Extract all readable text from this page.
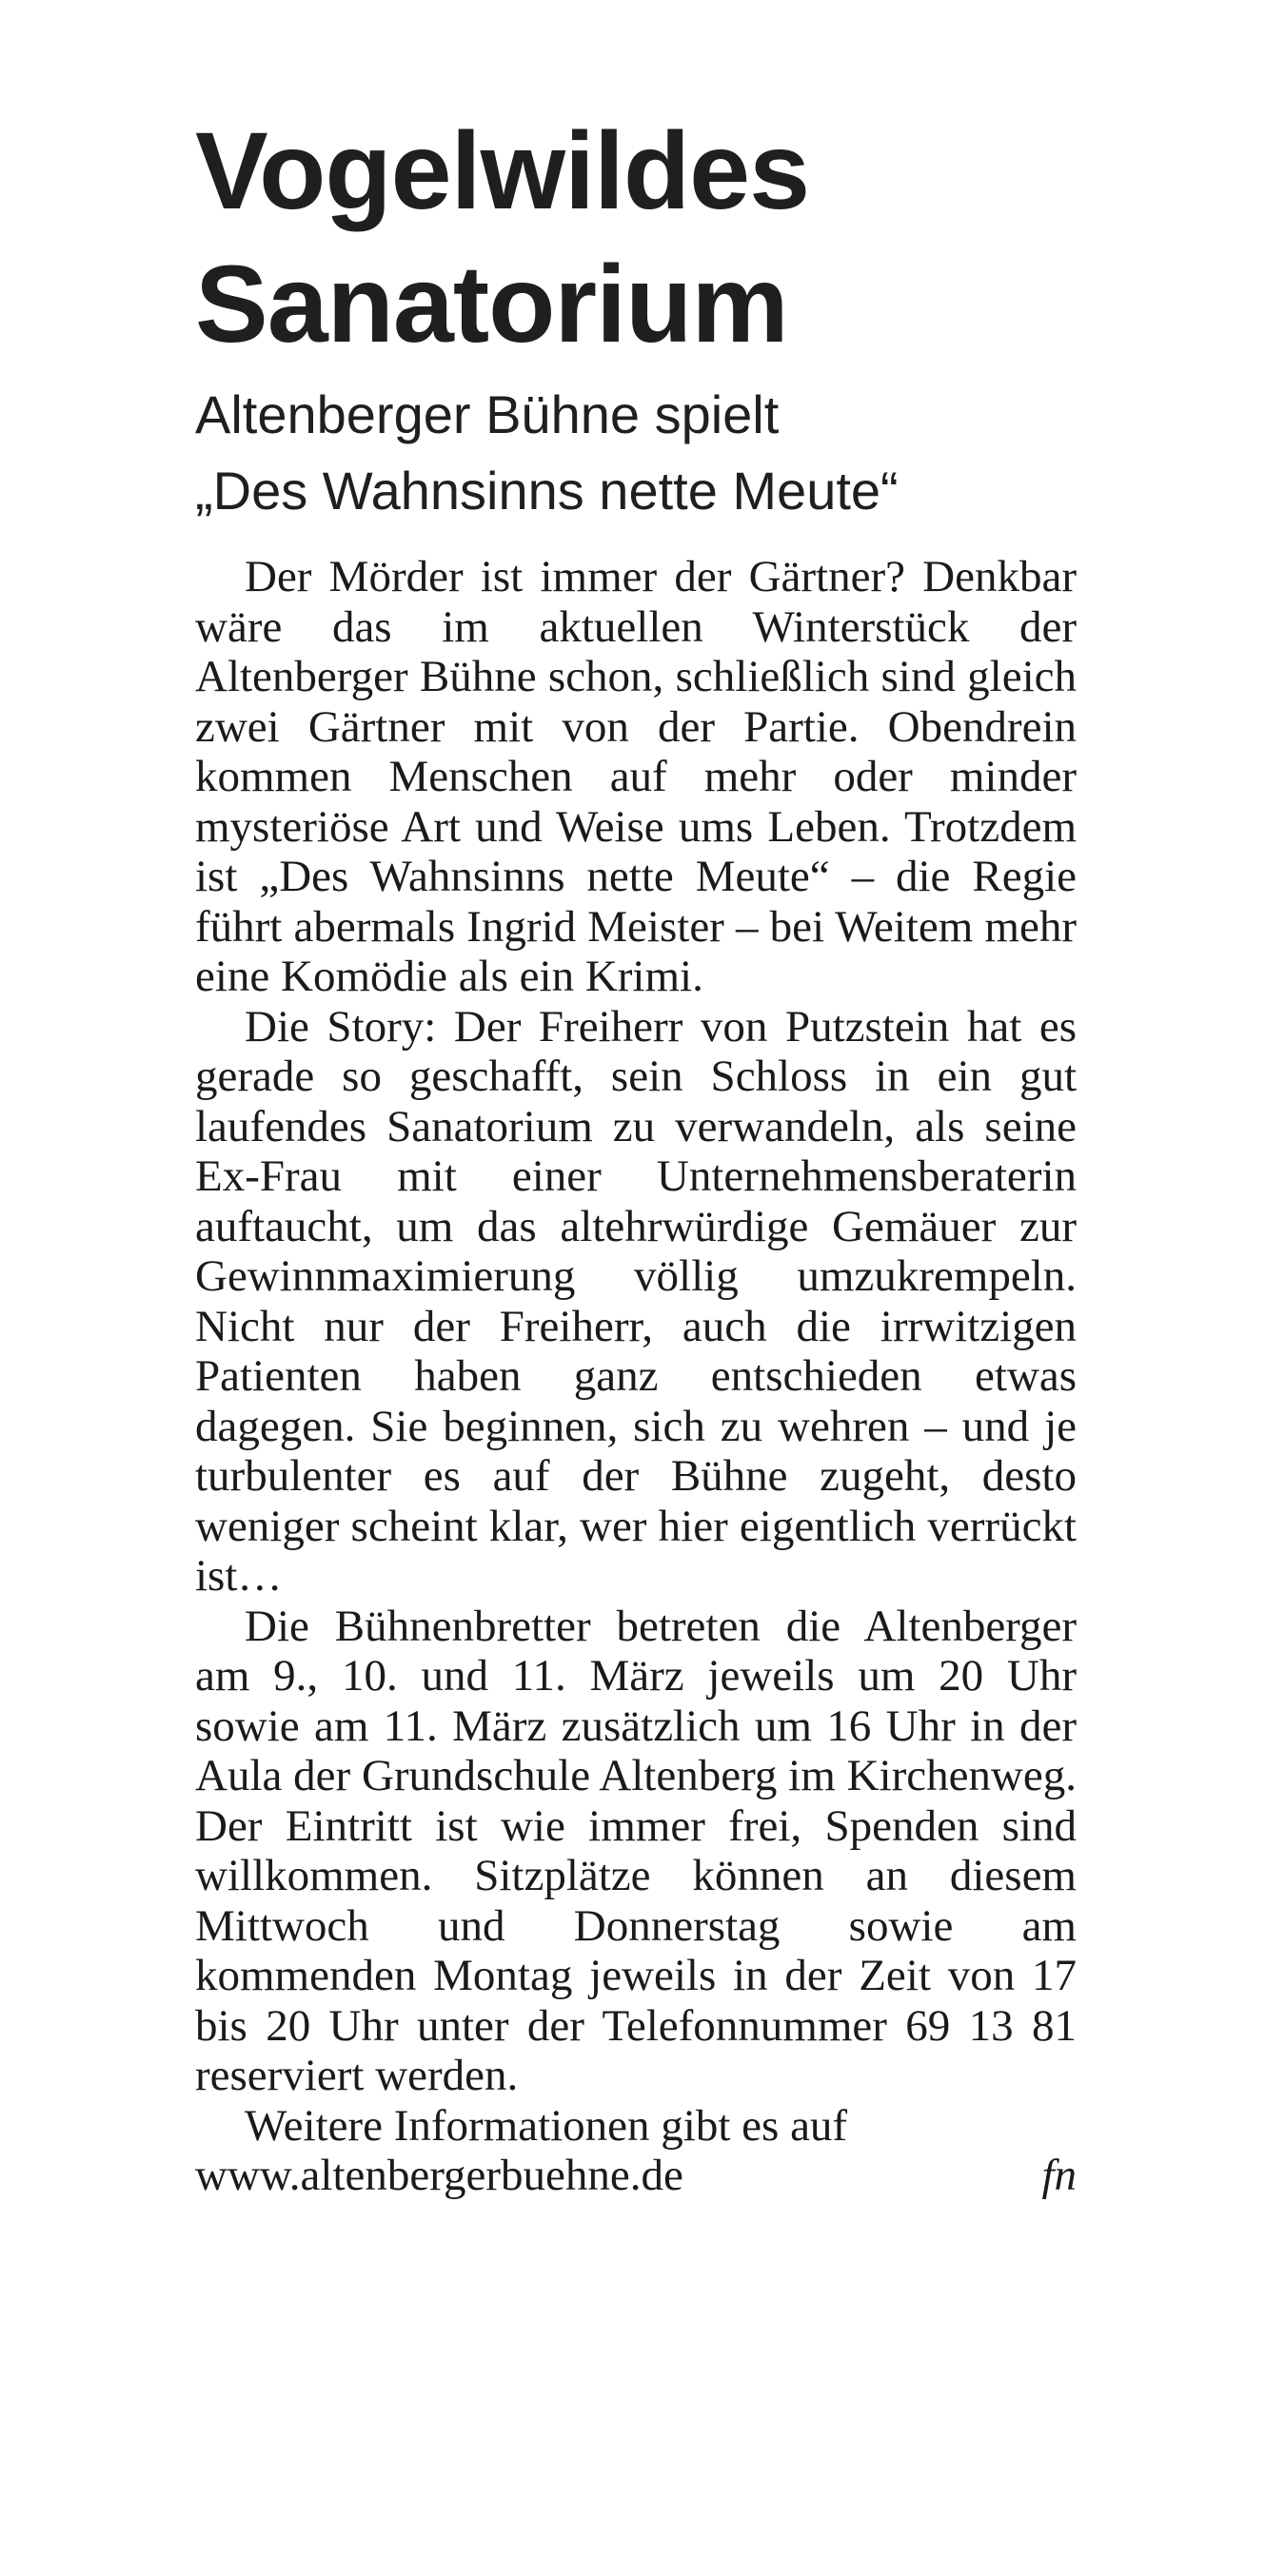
Vogelwildes
Sanatorium
Altenberger Bühne spielt
„Des Wahnsinns nette Meute“

Der Mörder ist immer der Gärtner? Denkbar wäre das im aktuellen Winterstück der Altenberger Bühne schon, schließlich sind gleich zwei Gärtner mit von der Partie. Obendrein kommen Menschen auf mehr oder minder mysteriöse Art und Weise ums Leben. Trotzdem ist „Des Wahnsinns nette Meute“ – die Regie führt abermals Ingrid Meister – bei Weitem mehr eine Komödie als ein Krimi.

Die Story: Der Freiherr von Putzstein hat es gerade so geschafft, sein Schloss in ein gut laufendes Sanatorium zu verwandeln, als seine Ex-Frau mit einer Unternehmensberaterin auftaucht, um das altehrwürdige Gemäuer zur Gewinnmaximierung völlig umzukrempeln. Nicht nur der Freiherr, auch die irrwitzigen Patienten haben ganz entschieden etwas dagegen. Sie beginnen, sich zu wehren – und je turbulenter es auf der Bühne zugeht, desto weniger scheint klar, wer hier eigentlich verrückt ist…

Die Bühnenbretter betreten die Altenberger am 9., 10. und 11. März jeweils um 20 Uhr sowie am 11. März zusätzlich um 16 Uhr in der Aula der Grundschule Altenberg im Kirchenweg. Der Eintritt ist wie immer frei, Spenden sind willkommen. Sitzplätze können an diesem Mittwoch und Donnerstag sowie am kommenden Montag jeweils in der Zeit von 17 bis 20 Uhr unter der Telefonnummer 69 13 81 reserviert werden.

Weitere Informationen gibt es auf

www.altenbergerbuehne.de	fn
